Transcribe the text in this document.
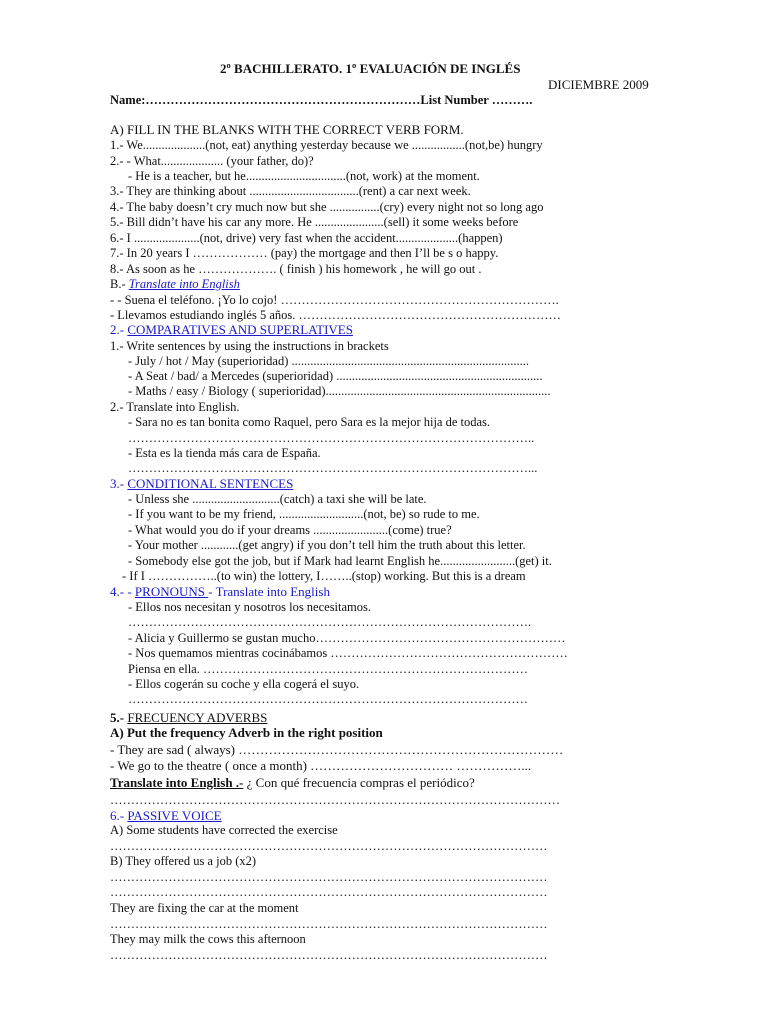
2º BACHILLERATO. 1º EVALUACIÓN DE INGLÉS
DICIEMBRE 2009
Name:…………………………………………………………List Number ……….
A) FILL IN THE BLANKS WITH THE CORRECT VERB FORM.
1.- We....................(not, eat) anything yesterday because we .................(not,be) hungry
2.- - What.................... (your father, do)?
- He is a teacher, but he................................(not, work) at the moment.
3.- They are thinking about ...................................(rent) a car next week.
4.- The baby doesn’t cry much now but she ................(cry) every night not so long ago
5.- Bill didn’t have his car any more. He ......................(sell) it some weeks before
6.- I .....................(not, drive) very fast when the accident....................(happen)
7.- In 20 years I ……………… (pay) the mortgage and then I’ll be s o happy.
8.- As soon as he ………………. ( finish ) his homework , he will go out .
B.- Translate into English
- - Suena el teléfono. ¡Yo lo cojo! ………………………………………………………….
- Llevamos estudiando inglés 5 años. ………………………………………………………
2.- COMPARATIVES AND SUPERLATIVES
1.- Write sentences by using the instructions in brackets
- July / hot / May (superioridad) ............................................................................
- A Seat / bad/ a Mercedes (superioridad) ..................................................................
- Maths / easy / Biology ( superioridad)........................................................................
2.- Translate into English.
- Sara no es tan bonita como Raquel, pero Sara es la mejor hija de todas.
……………………………………………………………………………………..
- Esta es la tienda más cara de España.
……………………………………………………………………………………...
3.- CONDITIONAL SENTENCES
- Unless she ............................(catch) a taxi she will be late.
- If you want to be my friend, ...........................(not, be) so rude to me.
- What would you do if your dreams ........................(come) true?
- Your mother ............(get angry) if you don’t tell him the truth about this letter.
- Somebody else got the job, but if Mark had learnt English he........................(get) it.
- If I ……………..(to win) the lottery, I……..(stop) working. But this is a dream
4.- - PRONOUNS - Translate into English
- Ellos nos necesitan y nosotros los necesitamos.
…………………………………………………………………………………….
- Alicia y Guillermo se gustan mucho……………………………………………………
- Nos quemamos mientras cocinábamos …………………………………………………
Piensa en ella. ……………………………………………………………………
- Ellos cogerán su coche y ella cogerá el suyo.
……………………………………………………………………………………
5.- FRECUENCY ADVERBS
A) Put the frequency Adverb in the right position
- They are sad ( always) …………………………………………………………………
- We go to the theatre ( once a month) …………………………… ……………...
Translate into English .- ¿ Con qué frecuencia compras el periódico?
………………………………………………………………………………………………
6.- PASSIVE VOICE
A) Some students have corrected the exercise
……………………………………………………………………………………………
B) They offered us a job (x2)
……………………………………………………………………………………………
……………………………………………………………………………………………
They are fixing the car at the moment
……………………………………………………………………………………………
They may milk the cows this afternoon
……………………………………………………………………………………………
